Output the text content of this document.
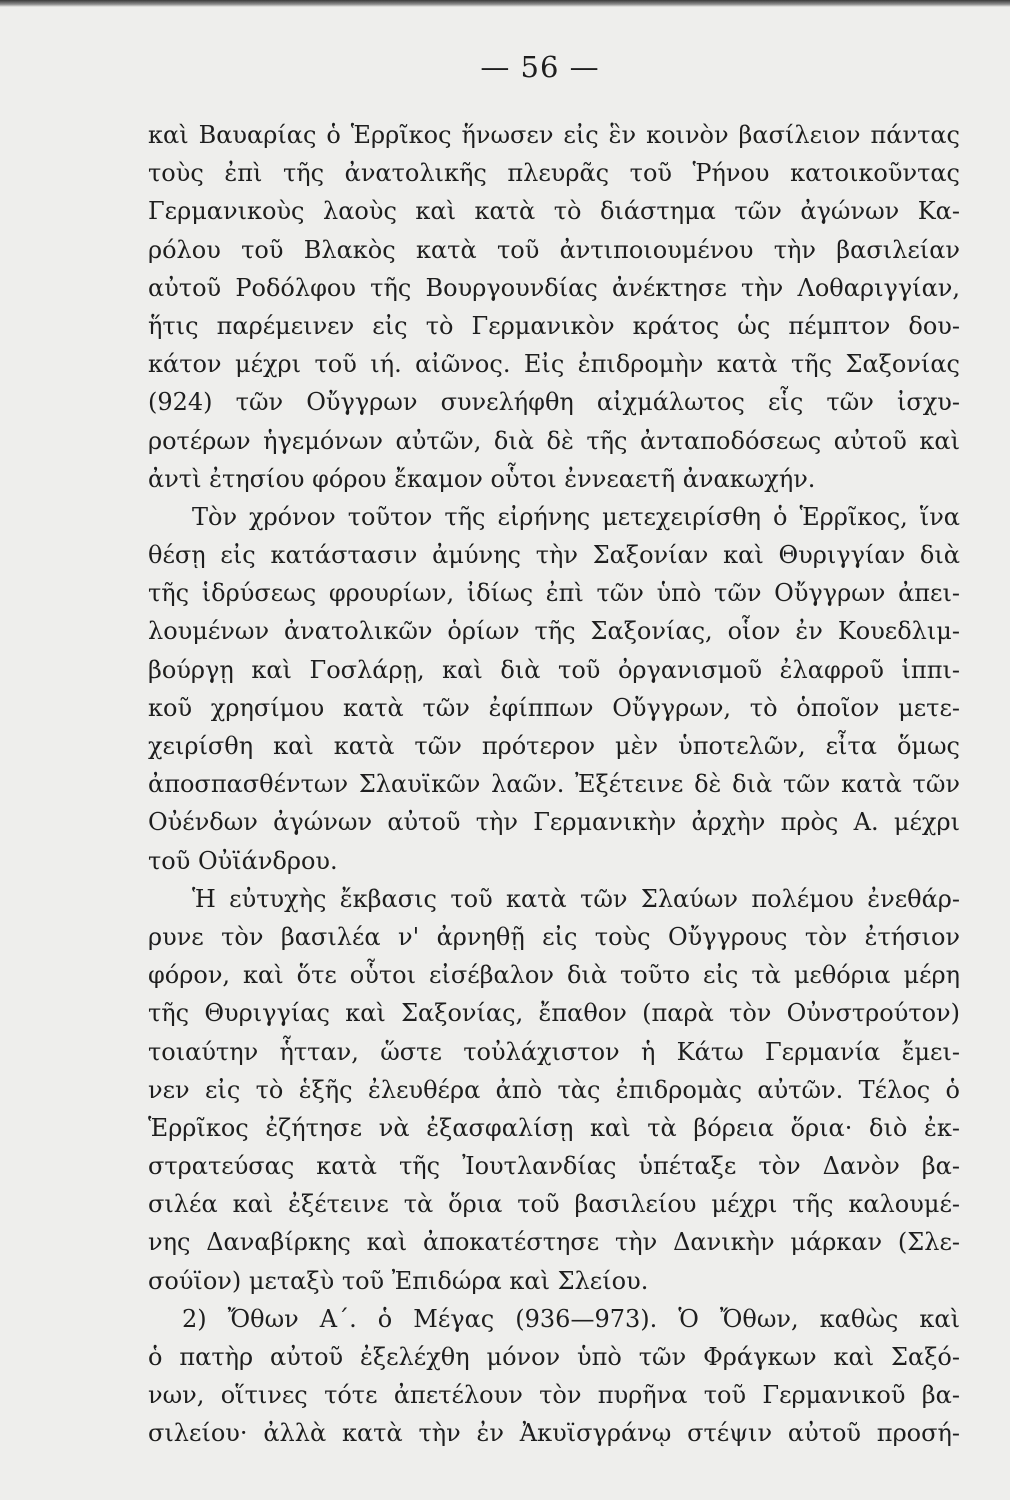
— 56 —
καὶ Βαυαρίας ὁ Ἑρρῖκος ἥνωσεν εἰς ἓν κοινὸν βασίλειον πάντας
τοὺς ἐπὶ τῆς ἀνατολικῆς πλευρᾶς τοῦ Ῥήνου κατοικοῦντας
Γερμανικοὺς λαοὺς καὶ κατὰ τὸ διάστημα τῶν ἀγώνων Κα-
ρόλου τοῦ Βλακὸς κατὰ τοῦ ἀντιποιουμένου τὴν βασιλείαν
αὐτοῦ Ροδόλφου τῆς Βουργουνδίας ἀνέκτησε τὴν Λοθαριγγίαν,
ἥτις παρέμεινεν εἰς τὸ Γερμανικὸν κράτος ὡς πέμπτον δου-
κάτον μέχρι τοῦ ιή. αἰῶνος. Εἰς ἐπιδρομὴν κατὰ τῆς Σαξονίας
(924) τῶν Οὔγγρων συνελήφθη αἰχμάλωτος εἷς τῶν ἰσχυ-
ροτέρων ἡγεμόνων αὐτῶν, διὰ δὲ τῆς ἀνταποδόσεως αὐτοῦ καὶ
ἀντὶ ἐτησίου φόρου ἔκαμον οὗτοι ἐννεαετῆ ἀνακωχήν.
Τὸν χρόνον τοῦτον τῆς εἰρήνης μετεχειρίσθη ὁ Ἑρρῖκος, ἵνα
θέσῃ εἰς κατάστασιν ἀμύνης τὴν Σαξονίαν καὶ Θυριγγίαν διὰ
τῆς ἱδρύσεως φρουρίων, ἰδίως ἐπὶ τῶν ὑπὸ τῶν Οὔγγρων ἀπει-
λουμένων ἀνατολικῶν ὁρίων τῆς Σαξονίας, οἷον ἐν Κουεδλιμ-
βούργῃ καὶ Γοσλάρῃ, καὶ διὰ τοῦ ὀργανισμοῦ ἐλαφροῦ ἱππι-
κοῦ χρησίμου κατὰ τῶν ἐφίππων Οὔγγρων, τὸ ὁποῖον μετε-
χειρίσθη καὶ κατὰ τῶν πρότερον μὲν ὑποτελῶν, εἶτα ὅμως
ἀποσπασθέντων Σλαυϊκῶν λαῶν. Ἐξέτεινε δὲ διὰ τῶν κατὰ τῶν
Οὐένδων ἀγώνων αὐτοῦ τὴν Γερμανικὴν ἀρχὴν πρὸς Α. μέχρι
τοῦ Οὐϊάνδρου.
Ἡ εὐτυχὴς ἔκβασις τοῦ κατὰ τῶν Σλαύων πολέμου ἐνεθάρ-
ρυνε τὸν βασιλέα ν' ἀρνηθῇ εἰς τοὺς Οὔγγρους τὸν ἐτήσιον
φόρον, καὶ ὅτε οὗτοι εἰσέβαλον διὰ τοῦτο εἰς τὰ μεθόρια μέρη
τῆς Θυριγγίας καὶ Σαξονίας, ἔπαθον (παρὰ τὸν Οὐνστρούτον)
τοιαύτην ἧτταν, ὥστε τοὐλάχιστον ἡ Κάτω Γερμανία ἔμει-
νεν εἰς τὸ ἑξῆς ἐλευθέρα ἀπὸ τὰς ἐπιδρομὰς αὐτῶν. Τέλος ὁ
Ἑρρῖκος ἐζήτησε νὰ ἐξασφαλίσῃ καὶ τὰ βόρεια ὅρια· διὸ ἐκ-
στρατεύσας κατὰ τῆς Ἰουτλανδίας ὑπέταξε τὸν Δανὸν βα-
σιλέα καὶ ἐξέτεινε τὰ ὅρια τοῦ βασιλείου μέχρι τῆς καλουμέ-
νης Δαναβίρκης καὶ ἀποκατέστησε τὴν Δανικὴν μάρκαν (Σλε-
σούϊον) μεταξὺ τοῦ Ἐπιδώρα καὶ Σλείου.
2) Ὄθων Α΄. ὁ Μέγας (936—973). Ὁ Ὄθων, καθὼς καὶ
ὁ πατὴρ αὐτοῦ ἐξελέχθη μόνον ὑπὸ τῶν Φράγκων καὶ Σαξό-
νων, οἵτινες τότε ἀπετέλουν τὸν πυρῆνα τοῦ Γερμανικοῦ βα-
σιλείου· ἀλλὰ κατὰ τὴν ἐν Ἀκυϊσγράνῳ στέψιν αὐτοῦ προσή-
